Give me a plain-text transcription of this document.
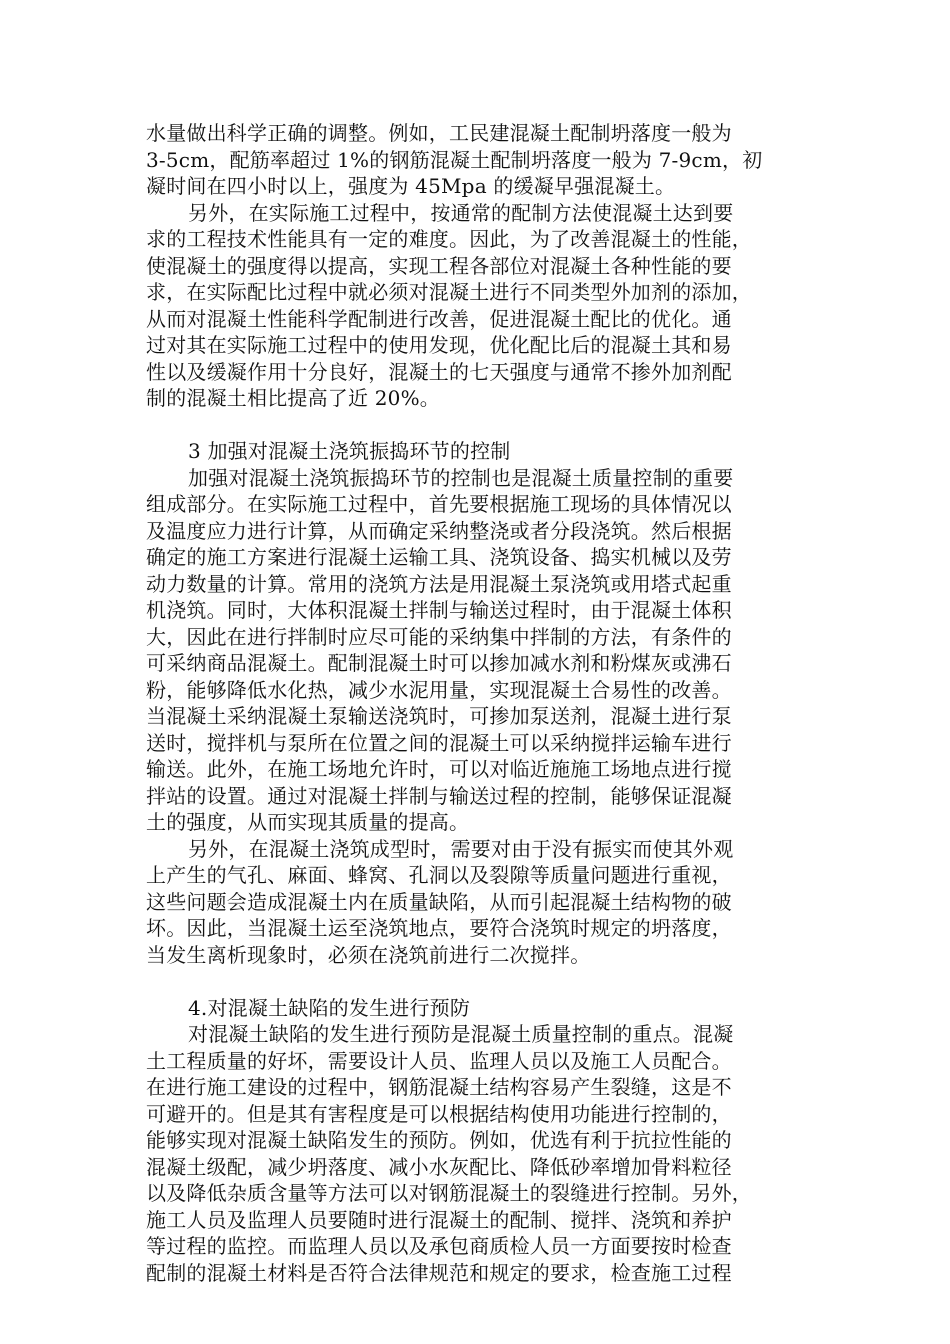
水量做出科学正确的调整。例如，工民建混凝土配制坍落度一般为
3-5cm，配筋率超过 1%的钢筋混凝土配制坍落度一般为 7-9cm，初
凝时间在四小时以上，强度为 45Mpa 的缓凝早强混凝土。
另外，在实际施工过程中，按通常的配制方法使混凝土达到要
求的工程技术性能具有一定的难度。因此，为了改善混凝土的性能，
使混凝土的强度得以提高，实现工程各部位对混凝土各种性能的要
求，在实际配比过程中就必须对混凝土进行不同类型外加剂的添加，
从而对混凝土性能科学配制进行改善，促进混凝土配比的优化。通
过对其在实际施工过程中的使用发现，优化配比后的混凝土其和易
性以及缓凝作用十分良好，混凝土的七天强度与通常不掺外加剂配
制的混凝土相比提高了近 20%。
3 加强对混凝土浇筑振捣环节的控制
加强对混凝土浇筑振捣环节的控制也是混凝土质量控制的重要
组成部分。在实际施工过程中，首先要根据施工现场的具体情况以
及温度应力进行计算，从而确定采纳整浇或者分段浇筑。然后根据
确定的施工方案进行混凝土运输工具、浇筑设备、捣实机械以及劳
动力数量的计算。常用的浇筑方法是用混凝土泵浇筑或用塔式起重
机浇筑。同时，大体积混凝土拌制与输送过程时，由于混凝土体积
大，因此在进行拌制时应尽可能的采纳集中拌制的方法，有条件的
可采纳商品混凝土。配制混凝土时可以掺加减水剂和粉煤灰或沸石
粉，能够降低水化热，减少水泥用量，实现混凝土合易性的改善。
当混凝土采纳混凝土泵输送浇筑时，可掺加泵送剂，混凝土进行泵
送时，搅拌机与泵所在位置之间的混凝土可以采纳搅拌运输车进行
输送。此外，在施工场地允许时，可以对临近施施工场地点进行搅
拌站的设置。通过对混凝土拌制与输送过程的控制，能够保证混凝
土的强度，从而实现其质量的提高。
另外，在混凝土浇筑成型时，需要对由于没有振实而使其外观
上产生的气孔、麻面、蜂窝、孔洞以及裂隙等质量问题进行重视，
这些问题会造成混凝土内在质量缺陷，从而引起混凝土结构物的破
坏。因此，当混凝土运至浇筑地点，要符合浇筑时规定的坍落度，
当发生离析现象时，必须在浇筑前进行二次搅拌。
4.对混凝土缺陷的发生进行预防
对混凝土缺陷的发生进行预防是混凝土质量控制的重点。混凝
土工程质量的好坏，需要设计人员、监理人员以及施工人员配合。
在进行施工建设的过程中，钢筋混凝土结构容易产生裂缝，这是不
可避开的。但是其有害程度是可以根据结构使用功能进行控制的，
能够实现对混凝土缺陷发生的预防。例如，优选有利于抗拉性能的
混凝土级配，减少坍落度、减小水灰配比、降低砂率增加骨料粒径
以及降低杂质含量等方法可以对钢筋混凝土的裂缝进行控制。另外，
施工人员及监理人员要随时进行混凝土的配制、搅拌、浇筑和养护
等过程的监控。而监理人员以及承包商质检人员一方面要按时检查
配制的混凝土材料是否符合法律规范和规定的要求，检查施工过程
